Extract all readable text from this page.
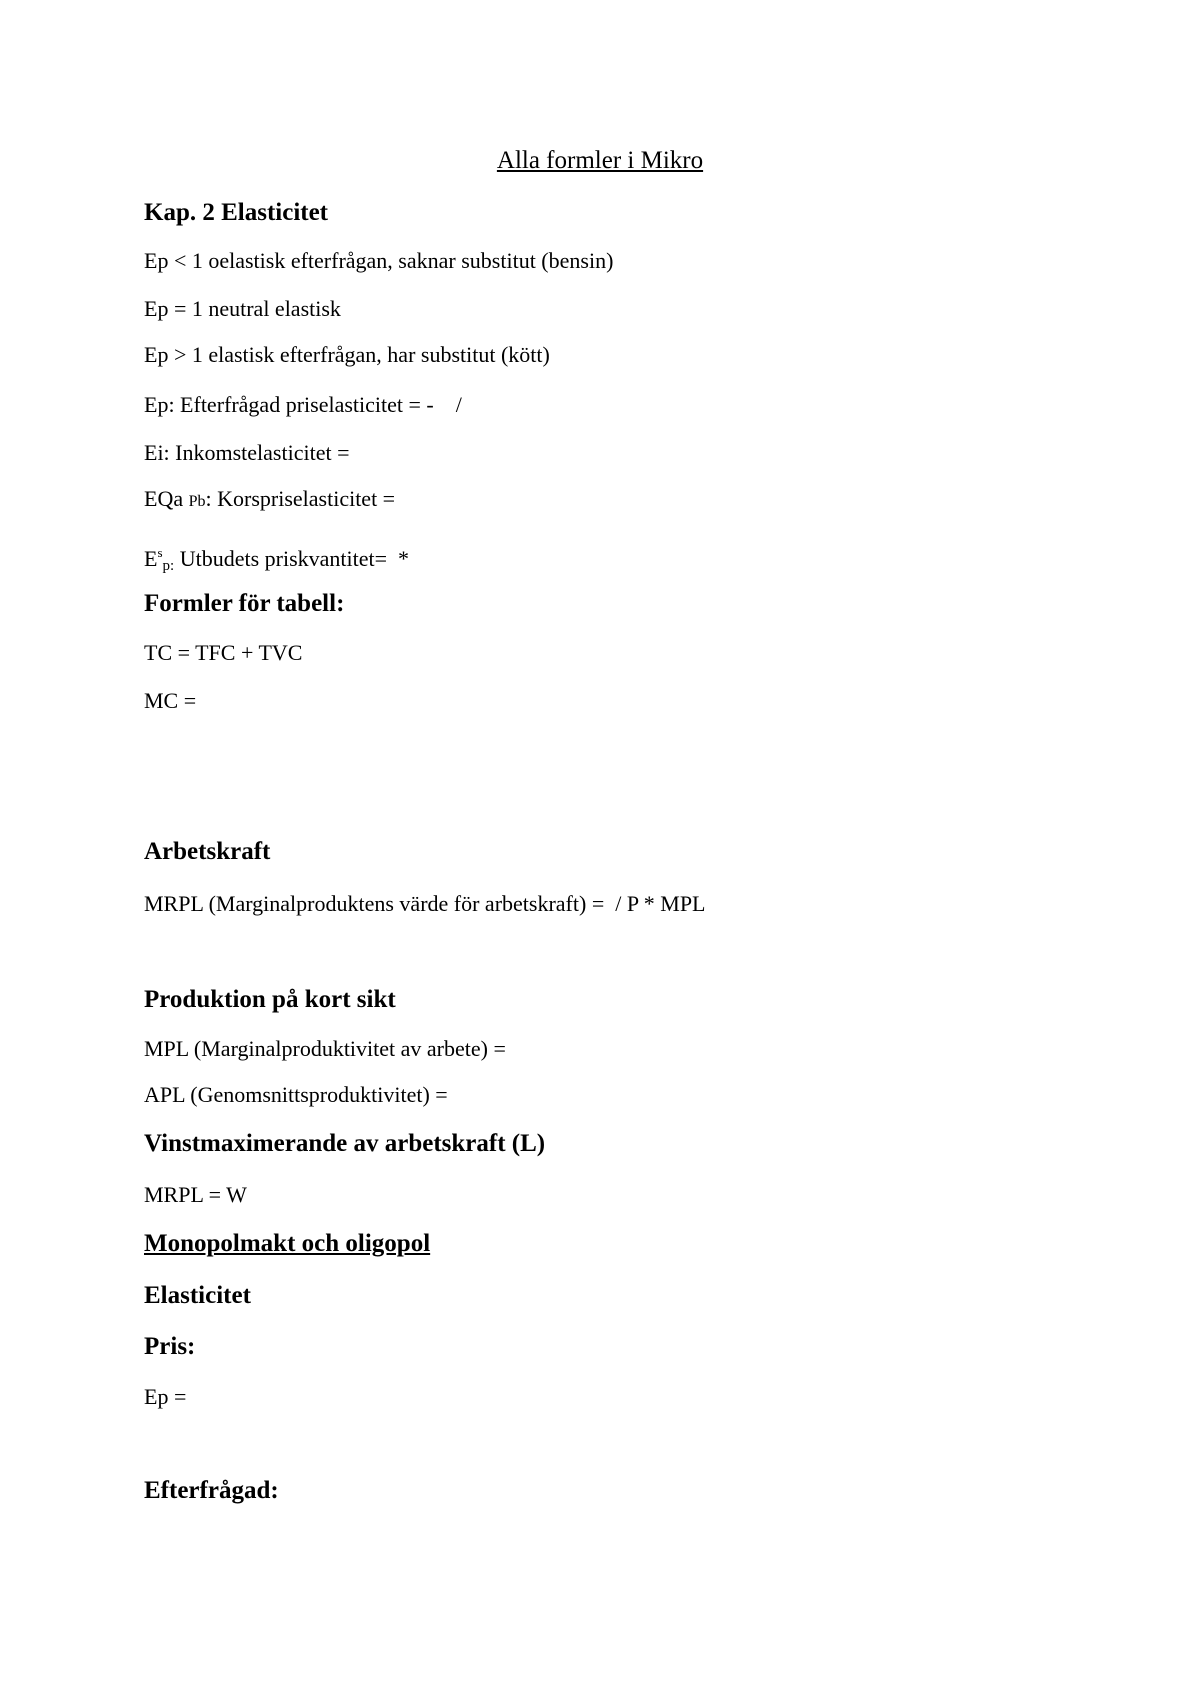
Alla formler i Mikro
Kap. 2 Elasticitet
Ep < 1 oelastisk efterfrågan, saknar substitut (bensin)
Ep = 1 neutral elastisk
Ep > 1 elastisk efterfrågan, har substitut (kött)
Ep: Efterfrågad priselasticitet = -    /
Ei: Inkomstelasticitet =
EQa Pb: Korspriselasticitet =
$E^s_{p:}$ Utbudets priskvantitet=  *
Formler för tabell:
TC = TFC + TVC
MC =
Arbetskraft
MRPL (Marginalproduktens värde för arbetskraft) =  / P * MPL
Produktion på kort sikt
MPL (Marginalproduktivitet av arbete) =
APL (Genomsnittsproduktivitet) =
Vinstmaximerande av arbetskraft (L)
MRPL = W
Monopolmakt och oligopol
Elasticitet
Pris:
Ep =
Efterfrågad:
